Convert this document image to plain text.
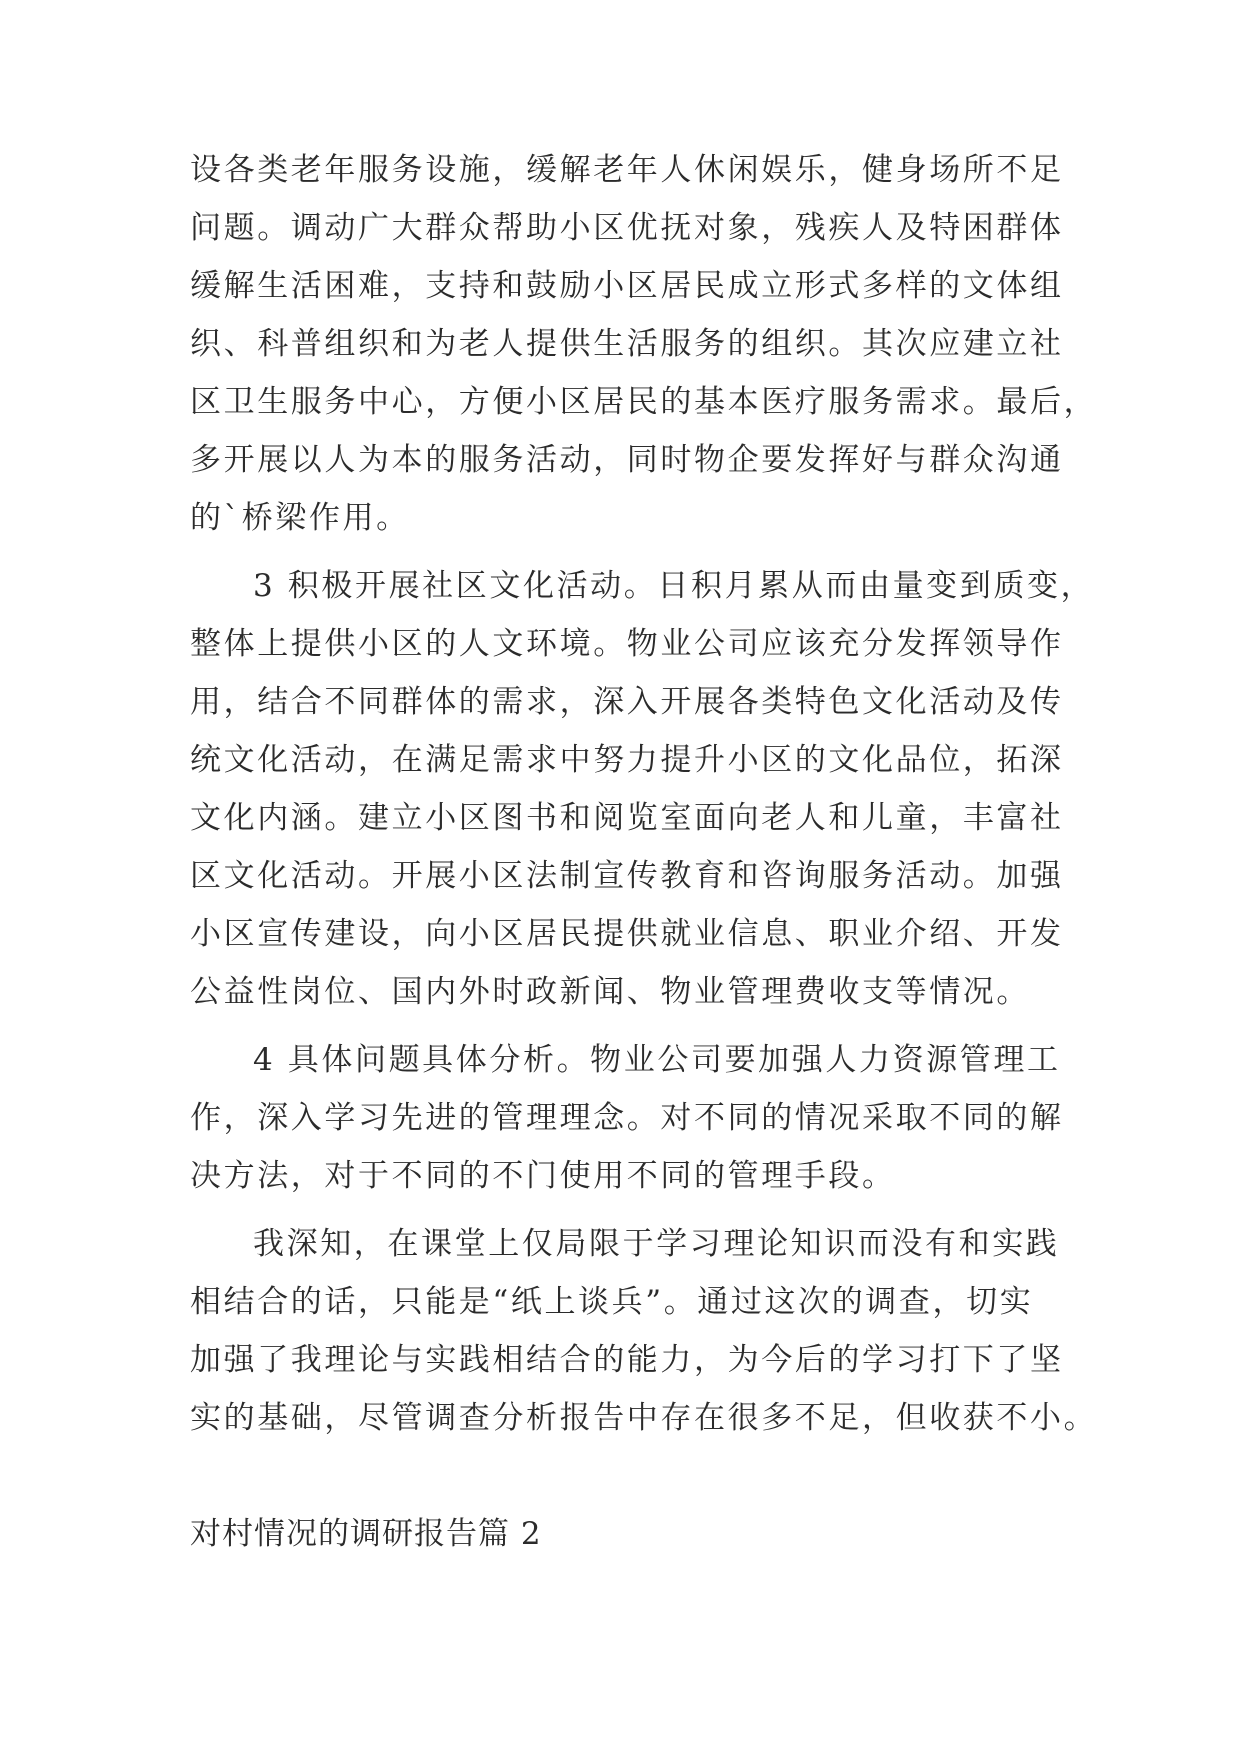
设各类老年服务设施，缓解老年人休闲娱乐，健身场所不足
问题。调动广大群众帮助小区优抚对象，残疾人及特困群体
缓解生活困难，支持和鼓励小区居民成立形式多样的文体组
织、科普组织和为老人提供生活服务的组织。其次应建立社
区卫生服务中心，方便小区居民的基本医疗服务需求。最后，
多开展以人为本的服务活动，同时物企要发挥好与群众沟通
的`桥梁作用。
3 积极开展社区文化活动。日积月累从而由量变到质变，
整体上提供小区的人文环境。物业公司应该充分发挥领导作
用，结合不同群体的需求，深入开展各类特色文化活动及传
统文化活动，在满足需求中努力提升小区的文化品位，拓深
文化内涵。建立小区图书和阅览室面向老人和儿童，丰富社
区文化活动。开展小区法制宣传教育和咨询服务活动。加强
小区宣传建设，向小区居民提供就业信息、职业介绍、开发
公益性岗位、国内外时政新闻、物业管理费收支等情况。
4 具体问题具体分析。物业公司要加强人力资源管理工
作，深入学习先进的管理理念。对不同的情况采取不同的解
决方法，对于不同的不门使用不同的管理手段。
我深知，在课堂上仅局限于学习理论知识而没有和实践
相结合的话，只能是“纸上谈兵”。通过这次的调查，切实
加强了我理论与实践相结合的能力，为今后的学习打下了坚
实的基础，尽管调查分析报告中存在很多不足，但收获不小。
对村情况的调研报告篇 2
